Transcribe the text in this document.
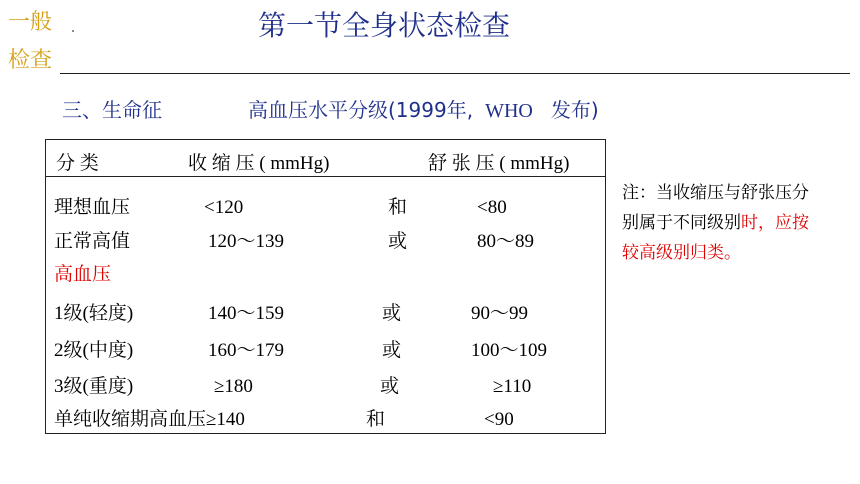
一般
检查
第一节全身状态检查
三、生命征	高血压水平分级(1999年, WHO 发布)
分 类	收 缩 压 ( mmHg)	舒 张 压 ( mmHg)
理想血压	<120	和	<80
正常高值	120～139	或	80～89
高血压
1级(轻度)	140～159	或	90～99
2级(中度)	160～179	或	100～109
3级(重度)	≥180	或	≥110
单纯收缩期高血压≥140	和	<90
注：当收缩压与舒张压分别属于不同级别时，应按较高级别归类。
